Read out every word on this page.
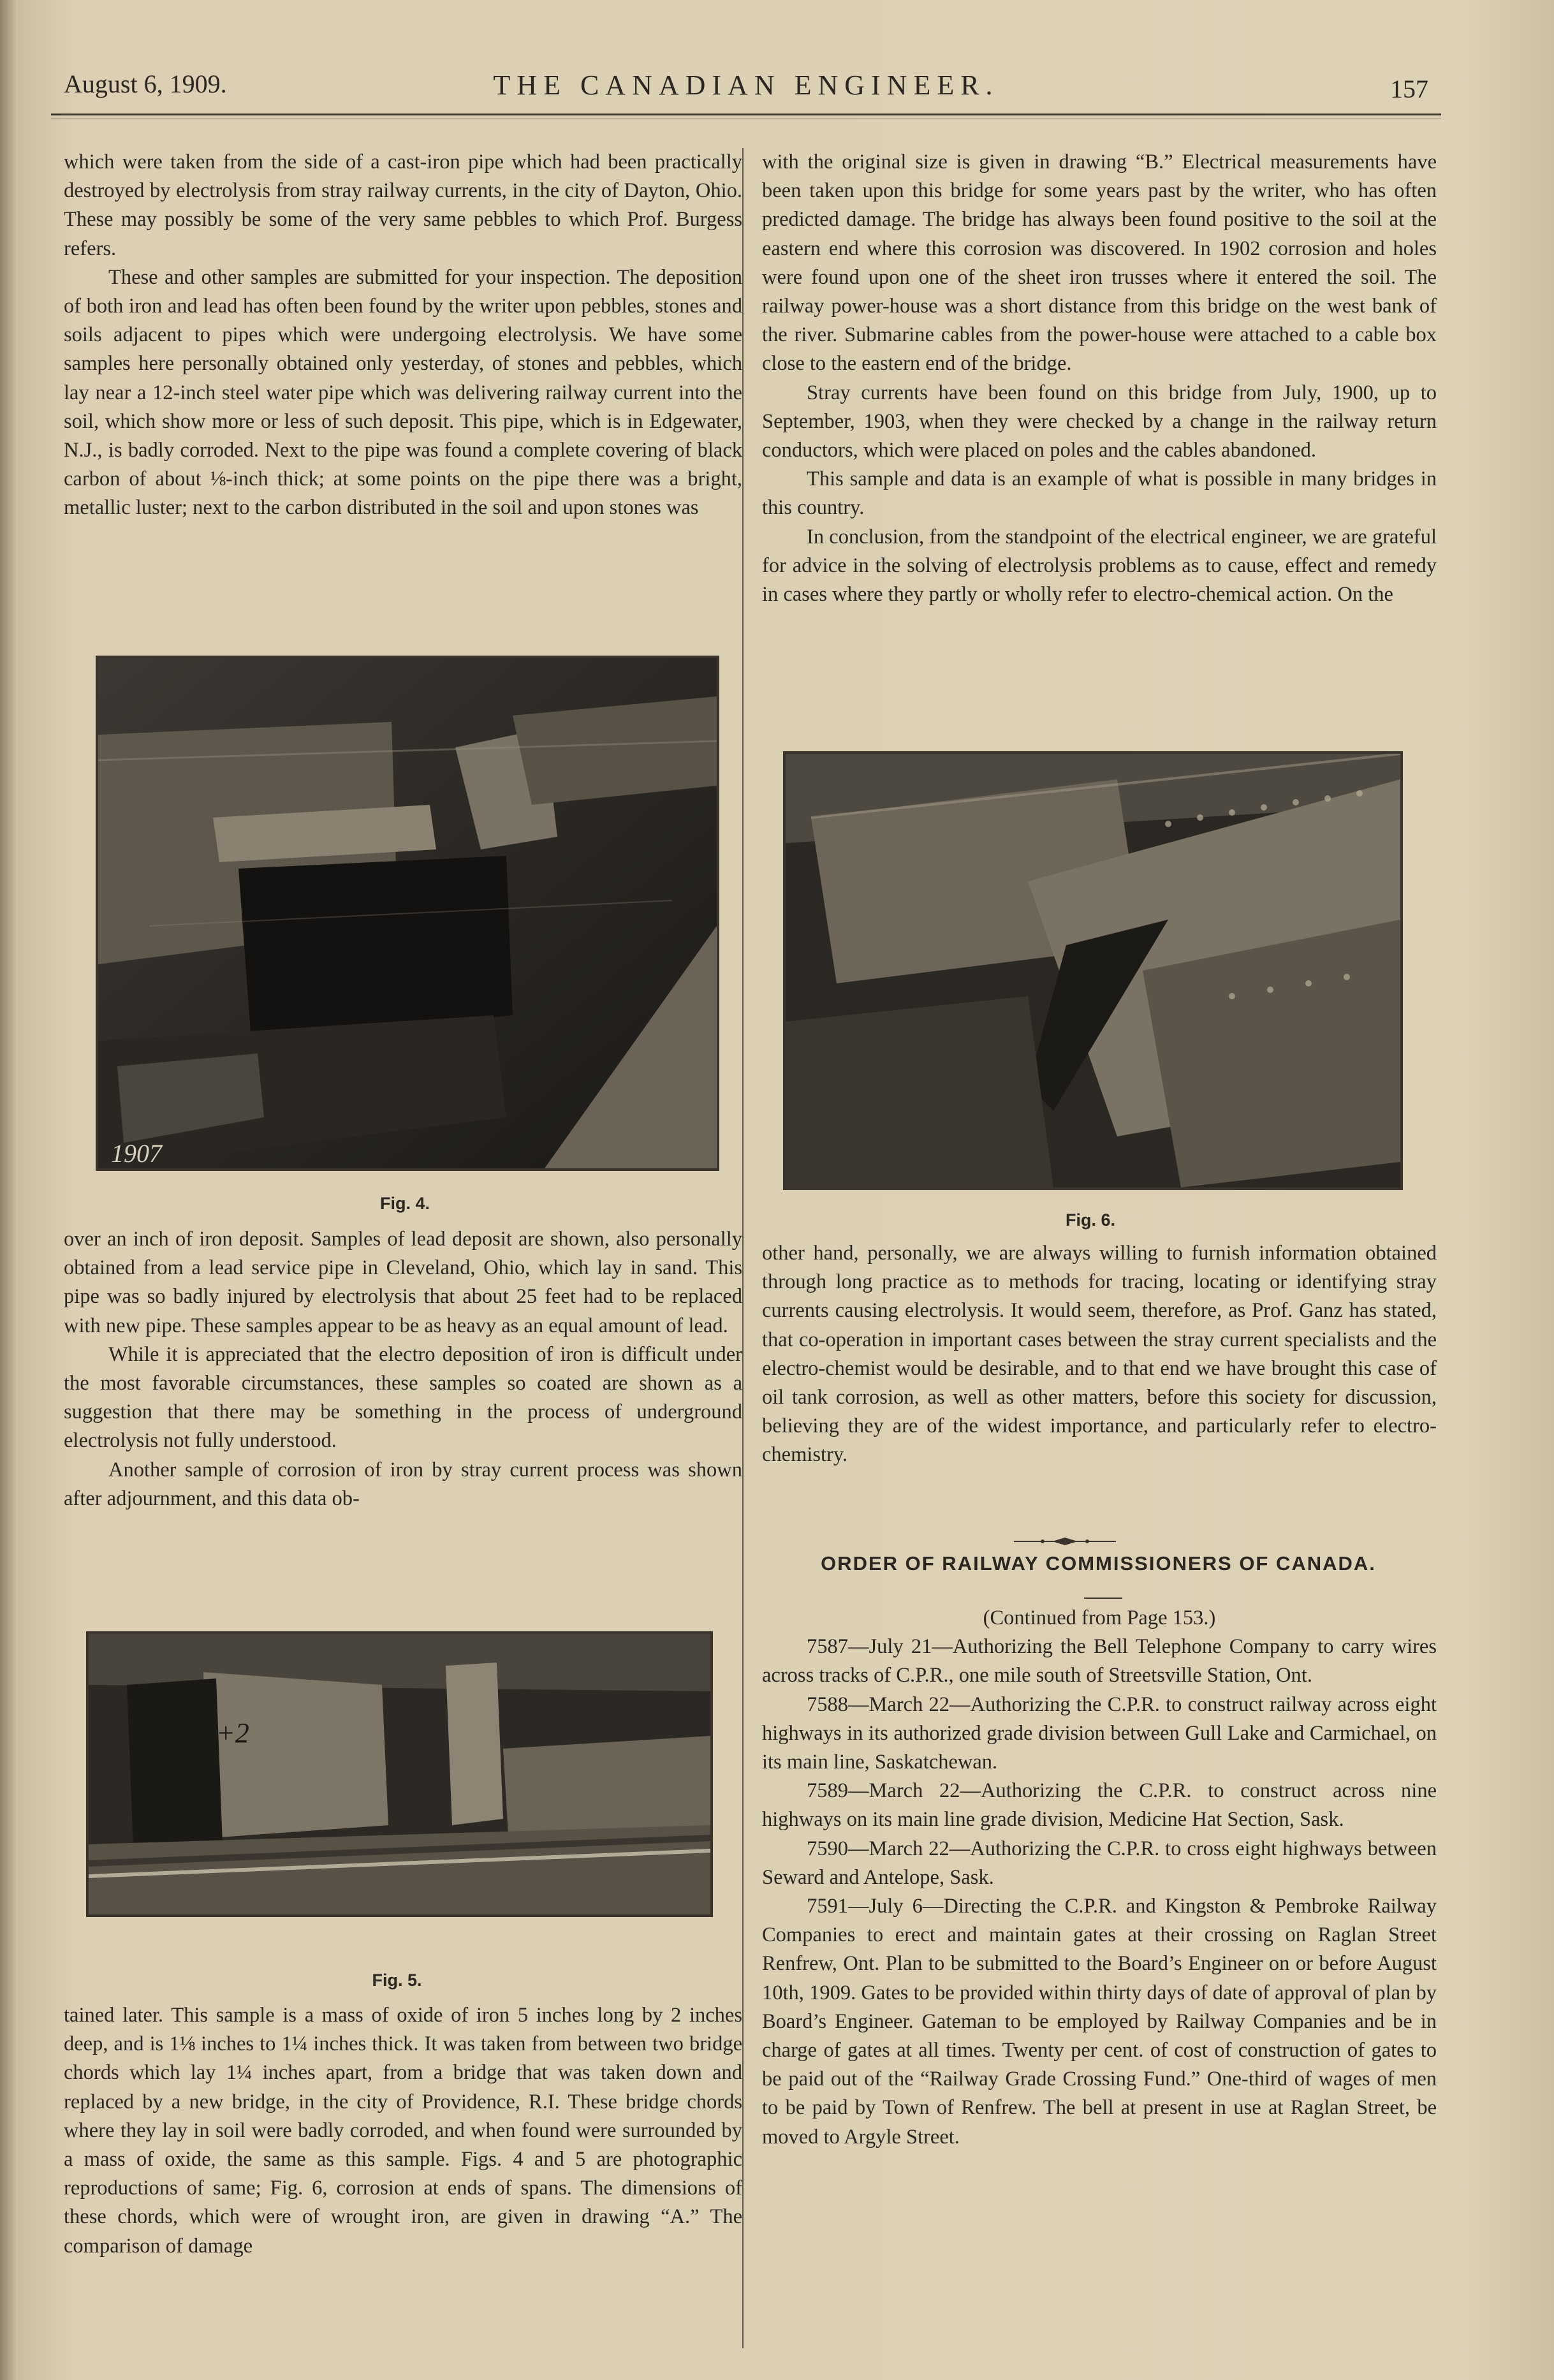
August 6, 1909.	THE CANADIAN ENGINEER.	157

which were taken from the side of a cast-iron pipe which had been practically destroyed by electrolysis from stray railway currents, in the city of Dayton, Ohio. These may possibly be some of the very same pebbles to which Prof. Burgess refers.

These and other samples are submitted for your inspection. The deposition of both iron and lead has often been found by the writer upon pebbles, stones and soils adjacent to pipes which were undergoing electrolysis. We have some samples here personally obtained only yesterday, of stones and pebbles, which lay near a 12-inch steel water pipe which was delivering railway current into the soil, which show more or less of such deposit. This pipe, which is in Edgewater, N.J., is badly corroded. Next to the pipe was found a complete covering of black carbon of about ⅛-inch thick; at some points on the pipe there was a bright, metallic luster; next to the carbon distributed in the soil and upon stones was

1907
Fig. 4.

over an inch of iron deposit. Samples of lead deposit are shown, also personally obtained from a lead service pipe in Cleveland, Ohio, which lay in sand. This pipe was so badly injured by electrolysis that about 25 feet had to be replaced with new pipe. These samples appear to be as heavy as an equal amount of lead.

While it is appreciated that the electro deposition of iron is difficult under the most favorable circumstances, these samples so coated are shown as a suggestion that there may be something in the process of underground electrolysis not fully understood.

Another sample of corrosion of iron by stray current process was shown after adjournment, and this data ob-

+2
Fig. 5.

tained later. This sample is a mass of oxide of iron 5 inches long by 2 inches deep, and is 1⅛ inches to 1¼ inches thick. It was taken from between two bridge chords which lay 1¼ inches apart, from a bridge that was taken down and replaced by a new bridge, in the city of Providence, R.I. These bridge chords where they lay in soil were badly corroded, and when found were surrounded by a mass of oxide, the same as this sample. Figs. 4 and 5 are photographic reproductions of same; Fig. 6, corrosion at ends of spans. The dimensions of these chords, which were of wrought iron, are given in drawing “A.” The comparison of damage

with the original size is given in drawing “B.” Electrical measurements have been taken upon this bridge for some years past by the writer, who has often predicted damage. The bridge has always been found positive to the soil at the eastern end where this corrosion was discovered. In 1902 corrosion and holes were found upon one of the sheet iron trusses where it entered the soil. The railway power-house was a short distance from this bridge on the west bank of the river. Submarine cables from the power-house were attached to a cable box close to the eastern end of the bridge.

Stray currents have been found on this bridge from July, 1900, up to September, 1903, when they were checked by a change in the railway return conductors, which were placed on poles and the cables abandoned.

This sample and data is an example of what is possible in many bridges in this country.

In conclusion, from the standpoint of the electrical engineer, we are grateful for advice in the solving of electrolysis problems as to cause, effect and remedy in cases where they partly or wholly refer to electro-chemical action. On the

Fig. 6.

other hand, personally, we are always willing to furnish information obtained through long practice as to methods for tracing, locating or identifying stray currents causing electrolysis. It would seem, therefore, as Prof. Ganz has stated, that co-operation in important cases between the stray current specialists and the electro-chemist would be desirable, and to that end we have brought this case of oil tank corrosion, as well as other matters, before this society for discussion, believing they are of the widest importance, and particularly refer to electro-chemistry.

ORDER OF RAILWAY COMMISSIONERS OF CANADA.

(Continued from Page 153.)

7587—July 21—Authorizing the Bell Telephone Company to carry wires across tracks of C.P.R., one mile south of Streetsville Station, Ont.

7588—March 22—Authorizing the C.P.R. to construct railway across eight highways in its authorized grade division between Gull Lake and Carmichael, on its main line, Saskatchewan.

7589—March 22—Authorizing the C.P.R. to construct across nine highways on its main line grade division, Medicine Hat Section, Sask.

7590—March 22—Authorizing the C.P.R. to cross eight highways between Seward and Antelope, Sask.

7591—July 6—Directing the C.P.R. and Kingston & Pembroke Railway Companies to erect and maintain gates at their crossing on Raglan Street Renfrew, Ont. Plan to be submitted to the Board’s Engineer on or before August 10th, 1909. Gates to be provided within thirty days of date of approval of plan by Board’s Engineer. Gateman to be employed by Railway Companies and be in charge of gates at all times. Twenty per cent. of cost of construction of gates to be paid out of the “Railway Grade Crossing Fund.” One-third of wages of men to be paid by Town of Renfrew. The bell at present in use at Raglan Street, be moved to Argyle Street.
